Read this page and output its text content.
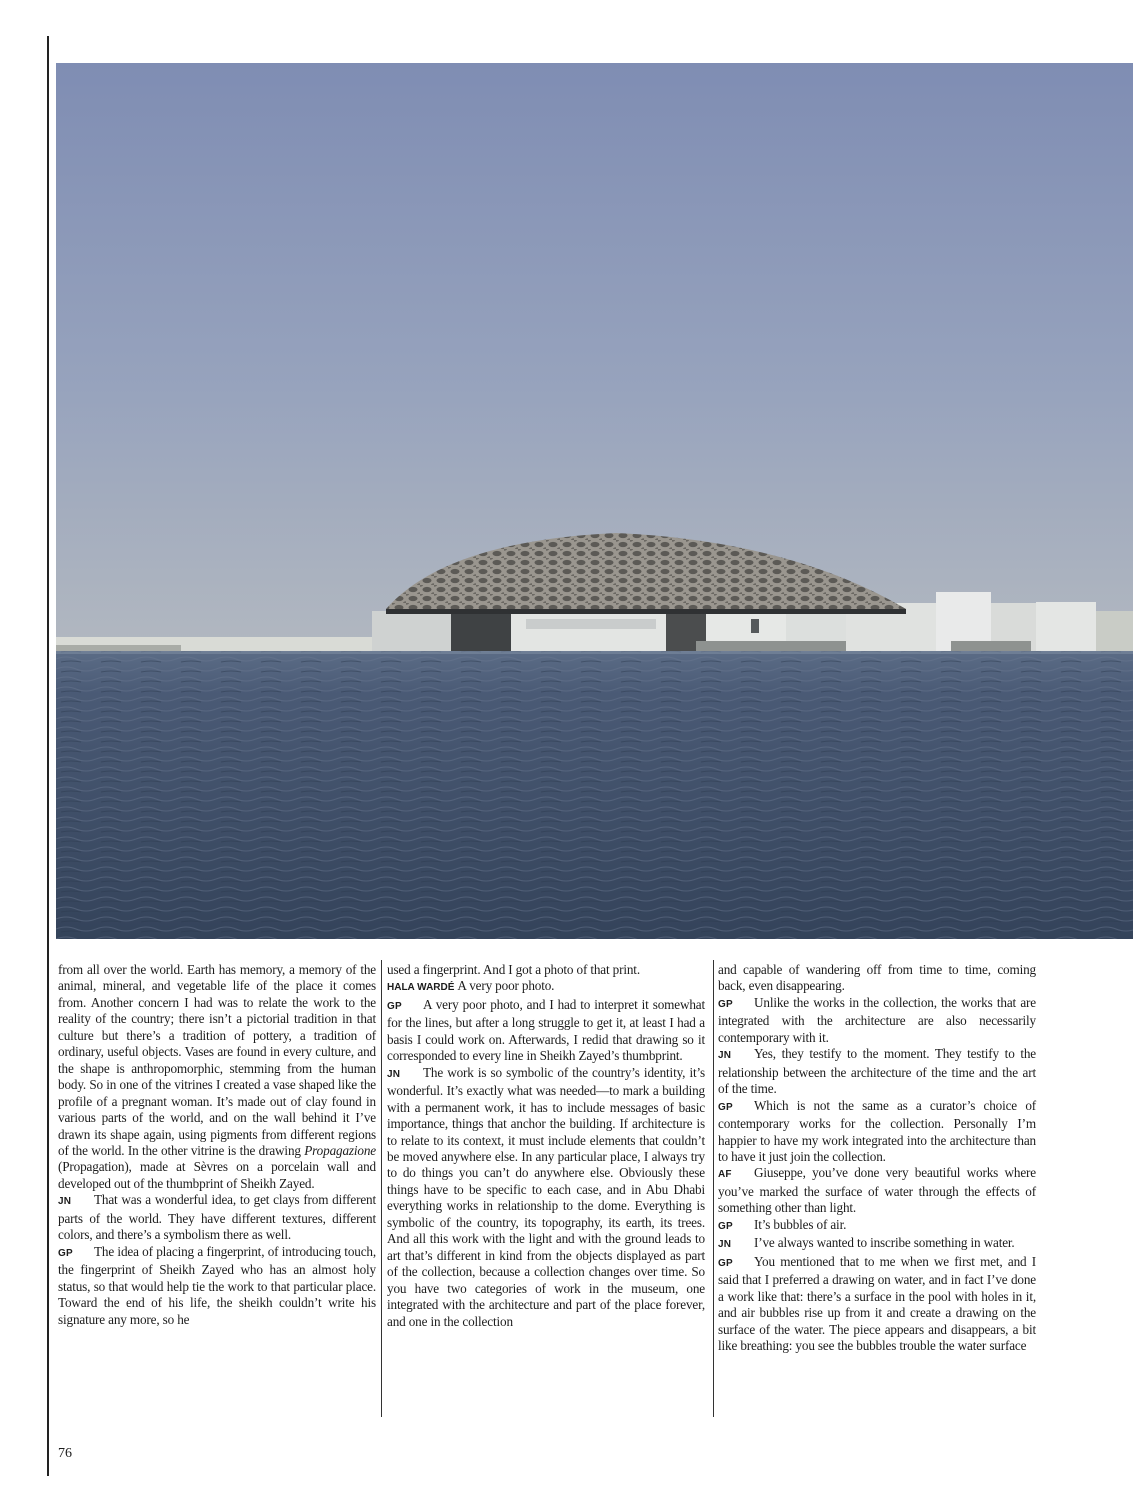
from all over the world. Earth has memory, a memory of the animal, mineral, and vegetable life of the place it comes from. Another concern I had was to relate the work to the reality of the country; there isn’t a pictorial tradition in that culture but there’s a tradition of pottery, a tradition of ordinary, useful objects. Vases are found in every culture, and the shape is anthropomorphic, stemming from the human body. So in one of the vitrines I created a vase shaped like the profile of a pregnant woman. It’s made out of clay found in various parts of the world, and on the wall behind it I’ve drawn its shape again, using pigments from different regions of the world. In the other vitrine is the drawing Propagazione (Propagation), made at Sèvres on a porcelain wall and developed out of the thumbprint of Sheikh Zayed.

JN That was a wonderful idea, to get clays from different parts of the world. They have different textures, different colors, and there’s a symbolism there as well.

GP The idea of placing a fingerprint, of introducing touch, the fingerprint of Sheikh Zayed who has an almost holy status, so that would help tie the work to that particular place. Toward the end of his life, the sheikh couldn’t write his signature any more, so he

used a fingerprint. And I got a photo of that print.

HALA WARDÉ A very poor photo.

GP A very poor photo, and I had to interpret it somewhat for the lines, but after a long struggle to get it, at least I had a basis I could work on. Afterwards, I redid that drawing so it corresponded to every line in Sheikh Zayed’s thumbprint.

JN The work is so symbolic of the country’s identity, it’s wonderful. It’s exactly what was needed—to mark a building with a permanent work, it has to include messages of basic importance, things that anchor the building. If architecture is to relate to its context, it must include elements that couldn’t be moved anywhere else. In any particular place, I always try to do things you can’t do anywhere else. Obviously these things have to be specific to each case, and in Abu Dhabi everything works in relationship to the dome. Everything is symbolic of the country, its topography, its earth, its trees. And all this work with the light and with the ground leads to art that’s different in kind from the objects displayed as part of the collection, because a collection changes over time. So you have two categories of work in the museum, one integrated with the architecture and part of the place forever, and one in the collection

and capable of wandering off from time to time, coming back, even disappearing.

GP Unlike the works in the collection, the works that are integrated with the architecture are also necessarily contemporary with it.

JN Yes, they testify to the moment. They testify to the relationship between the architecture of the time and the art of the time.

GP Which is not the same as a curator’s choice of contemporary works for the collection. Personally I’m happier to have my work integrated into the architecture than to have it just join the collection.

AF Giuseppe, you’ve done very beautiful works where you’ve marked the surface of water through the effects of something other than light.

GP It’s bubbles of air.

JN I’ve always wanted to inscribe something in water.

GP You mentioned that to me when we first met, and I said that I preferred a drawing on water, and in fact I’ve done a work like that: there’s a surface in the pool with holes in it, and air bubbles rise up from it and create a drawing on the surface of the water. The piece appears and disappears, a bit like breathing: you see the bubbles trouble the water surface

76
